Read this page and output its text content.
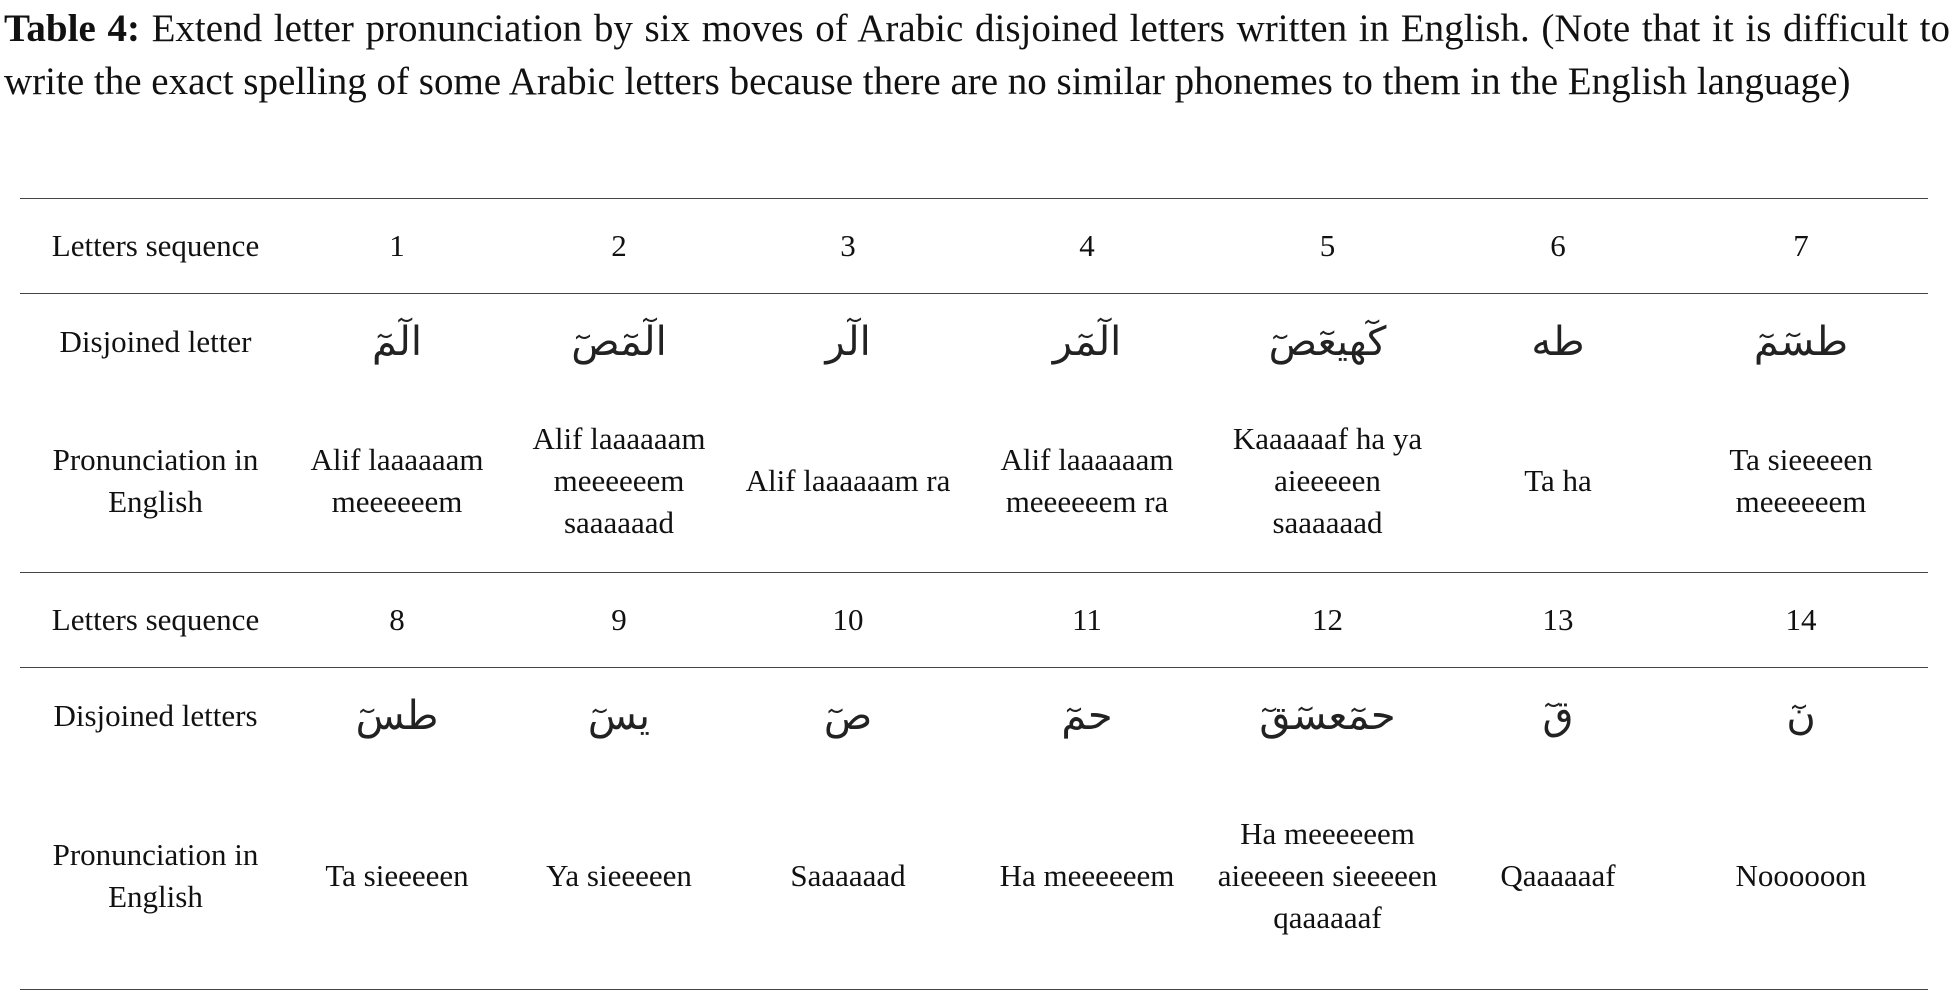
Table 4: Extend letter pronunciation by six moves of Arabic disjoined letters written in English. (Note that it is difficult to write the exact spelling of some Arabic letters because there are no similar phonemes to them in the English language)
Letters sequence	1	2	3	4	5	6	7
Disjoined letter	الٓمٓ	الٓمٓصٓ	الٓر	الٓمٓر	كٓهيعٓصٓ	طه	طسٓمٓ
Pronunciation in English	Alif laaaaaam meeeeeem	Alif laaaaaam meeeeeem saaaaaad	Alif laaaaaam ra	Alif laaaaaam meeeeeem ra	Kaaaaaaf ha ya aieeeeen saaaaaad	Ta ha	Ta sieeeeen meeeeeem
Letters sequence	8	9	10	11	12	13	14
Disjoined letters	طسٓ	يسٓ	صٓ	حمٓ	حمٓعسٓقٓ	قٓ	نٓ
Pronunciation in English	Ta sieeeeen	Ya sieeeeen	Saaaaaad	Ha meeeeeem	Ha meeeeeem aieeeeen sieeeeen qaaaaaaf	Qaaaaaaf	Noooooon
